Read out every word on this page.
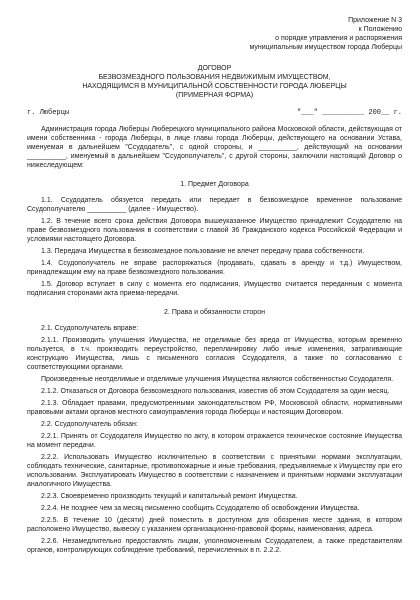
Приложение N 3
к Положению
о порядке управления и распоряжения
муниципальным имуществом города Люберцы
ДОГОВОР
БЕЗВОЗМЕЗДНОГО ПОЛЬЗОВАНИЯ НЕДВИЖИМЫМ ИМУЩЕСТВОМ,
НАХОДЯЩИМСЯ В МУНИЦИПАЛЬНОЙ СОБСТВЕННОСТИ ГОРОДА ЛЮБЕРЦЫ
(ПРИМЕРНАЯ ФОРМА)
г. Люберцы	"___" __________ 200__ г.

Администрация города Люберцы Люберецкого муниципального района Московской области, действующая от имени собственника - города Люберцы, в лице главы города Люберцы, действующего на основании Устава, именуемая в дальнейшем "Ссудодатель", с одной стороны, и __________, действующий на основании __________, именуемый в дальнейшем "Ссудополучатель", с другой стороны, заключили настоящий Договор о нижеследующем:

1. Предмет Договора

1.1. Ссудодатель обязуется передать или передает в безвозмездное временное пользование Ссудополучателю __________ (далее - Имущество).

1.2. В течение всего срока действия Договора вышеуказанное Имущество принадлежит Ссудодателю на праве безвозмездного пользования в соответствии с главой 36 Гражданского кодекса Российской Федерации и условиями настоящего Договора.

1.3. Передача Имущества в безвозмездное пользование не влечет передачу права собственности.

1.4. Ссудополучатель не вправе распоряжаться (продавать, сдавать в аренду и т.д.) Имуществом, принадлежащим ему на праве безвозмездного пользования.

1.5. Договор вступает в силу с момента его подписания, Имущество считается переданным с момента подписания сторонами акта приема-передачи.

2. Права и обязанности сторон

2.1. Ссудополучатель вправе:

2.1.1. Производить улучшения Имущества, не отделимые без вреда от Имущества, которым временно пользуется, в т.ч. производить переустройство, перепланировку либо иные изменения, затрагивающие конструкцию Имущества, лишь с письменного согласия Ссудодателя, а также по согласованию с соответствующими органами.

Произведенные неотделимые и отделимые улучшения Имущества являются собственностью Ссудодателя.

2.1.2. Отказаться от Договора безвозмездного пользования, известив об этом Ссудодателя за один месяц.

2.1.3. Обладает правами, предусмотренными законодательством РФ, Московской области, нормативными правовыми актами органов местного самоуправления города Люберцы и настоящим Договором.

2.2. Ссудополучатель обязан:

2.2.1. Принять от Ссудодателя Имущество по акту, в котором отражается техническое состояние Имущества на момент передачи.

2.2.2. Использовать Имущество исключительно в соответствии с принятыми нормами эксплуатации, соблюдать технические, санитарные, противопожарные и иные требования, предъявляемые к Имуществу при его использовании. Эксплуатировать Имущество в соответствии с назначением и принятыми нормами эксплуатации аналогичного Имущества.

2.2.3. Своевременно производить текущий и капитальный ремонт Имущества.

2.2.4. Не позднее чем за месяц письменно сообщить Ссудодателю об освобождении Имущества.

2.2.5. В течение 10 (десяти) дней поместить в доступном для обозрения месте здания, в котором расположено Имущество, вывеску с указанием организационно-правовой формы, наименования, адреса.

2.2.6. Незамедлительно предоставлять лицам, уполномоченным Ссудодателем, а также представителям органов, контролирующих соблюдение требований, перечисленных в п. 2.2.2.
